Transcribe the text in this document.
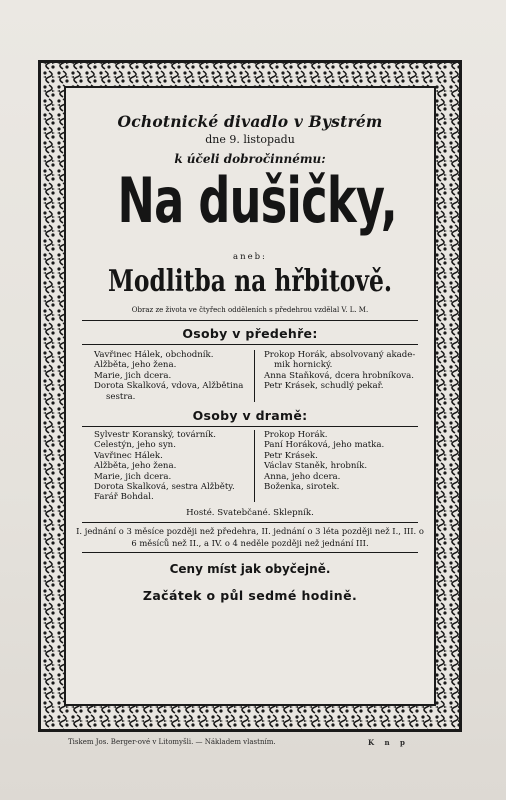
Ochotnické divadlo v Bystrém
dne 9. listopadu
k účeli dobročinnému:
Na dušičky,
aneb:
Modlitba na hřbitově.
Obraz ze života ve čtyřech odděleních s předehrou vzdělal V. L. M.
Osoby v předehře:
Vavřinec Hálek, obchodník.
Alžběta, jeho žena.
Marie, jich dcera.
Dorota Skalková, vdova, Alžbětina
sestra.
Prokop Horák, absolvovaný akade-
mik hornický.
Anna Staňková, dcera hrobníkova.
Petr Krásek, schudlý pekař.
Osoby v dramě:
Sylvestr Koranský, továrník.
Celestýn, jeho syn.
Vavřinec Hálek.
Alžběta, jeho žena.
Marie, jich dcera.
Dorota Skalková, sestra Alžběty.
Farář Bohdal.
Prokop Horák.
Paní Horáková, jeho matka.
Petr Krásek.
Václav Staněk, hrobník.
Anna, jeho dcera.
Boženka, sirotek.
Hosté. Svatebčané. Sklepník.
I. jednání o 3 měsíce později než předehra, II. jednání o 3 léta později než I., III. o 6 měsíců než II., a IV. o 4 neděle později než jednání III.
Ceny míst jak obyčejně.
Začátek o půl sedmé hodině.
Tiskem Jos. Berger-ové v Litomyšli. — Nákladem vlastním.	K n p
